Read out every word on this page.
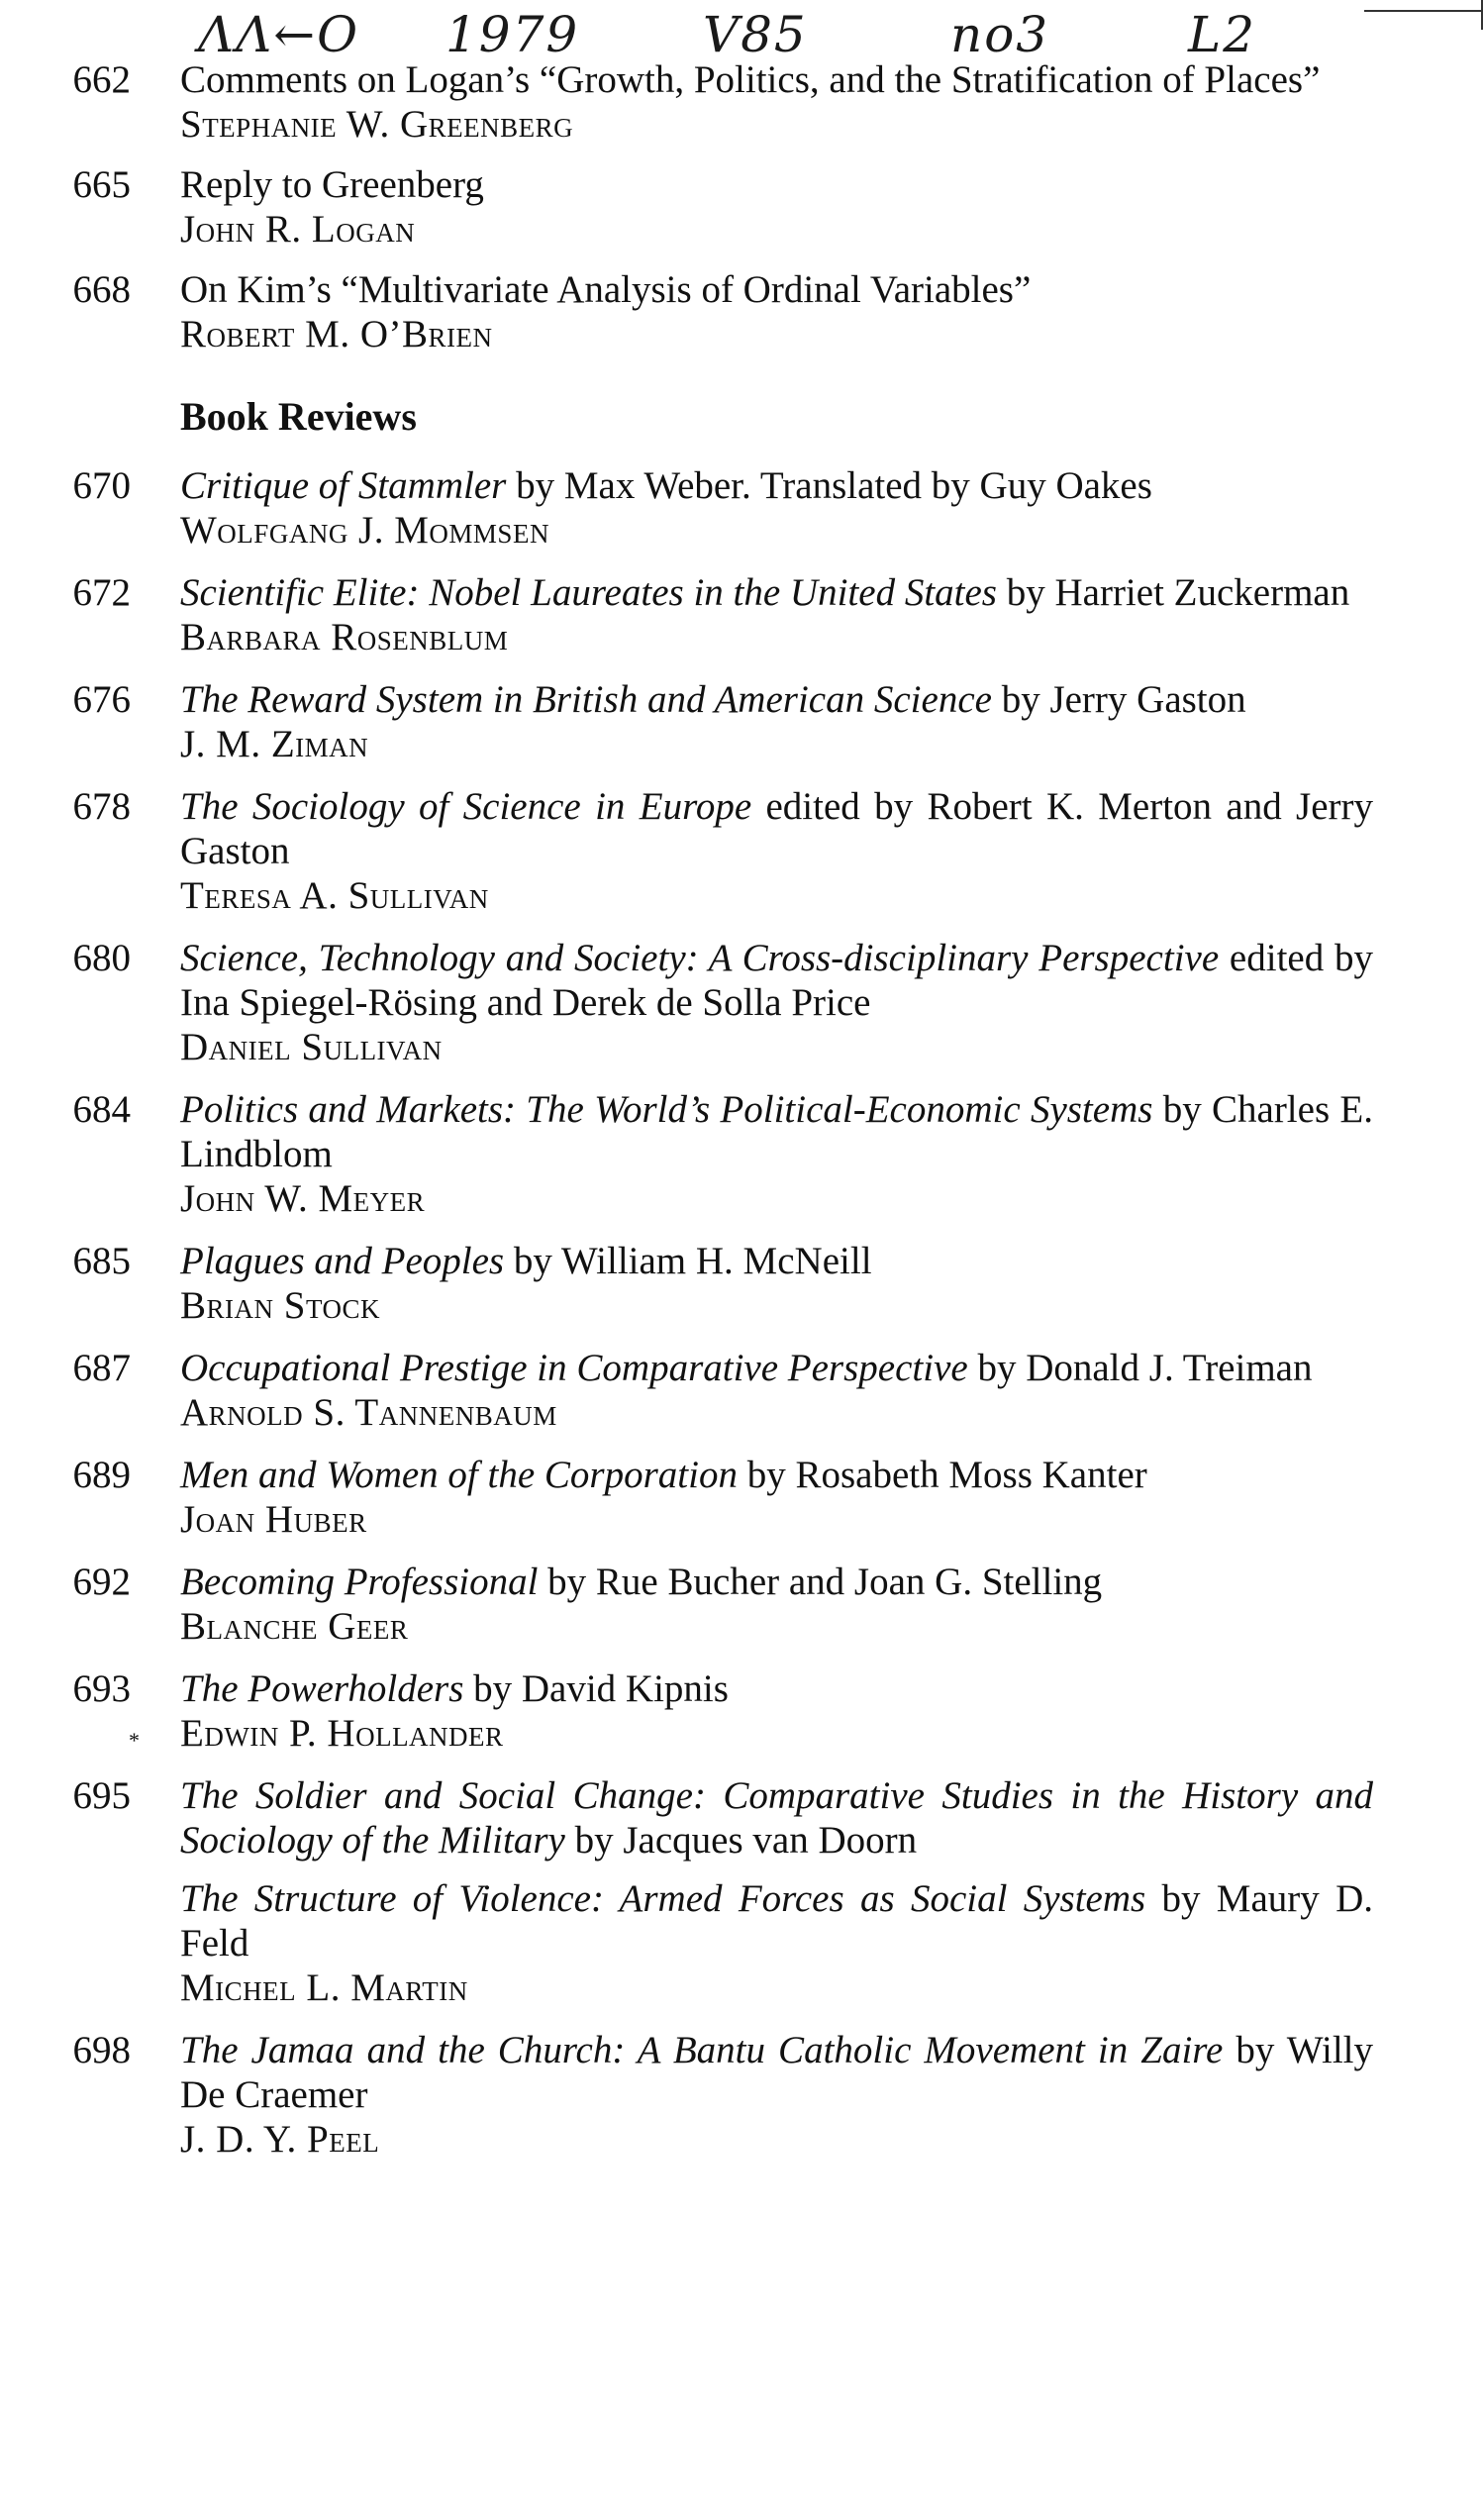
ΛΛ←O 1979 V85	no3	L2
662 Comments on Logan’s “Growth, Politics, and the Stratification of Places”
Stephanie W. Greenberg
665 Reply to Greenberg
John R. Logan
668 On Kim’s “Multivariate Analysis of Ordinal Variables”
Robert M. O’Brien
Book Reviews
670 Critique of Stammler by Max Weber. Translated by Guy Oakes
Wolfgang J. Mommsen
672 Scientific Elite: Nobel Laureates in the United States by Harriet Zuckerman
Barbara Rosenblum
676 The Reward System in British and American Science by Jerry Gaston
J. M. Ziman
678 The Sociology of Science in Europe edited by Robert K. Merton and Jerry Gaston
Teresa A. Sullivan
680 Science, Technology and Society: A Cross-disciplinary Perspective edited by Ina Spiegel-Rösing and Derek de Solla Price
Daniel Sullivan
684 Politics and Markets: The World’s Political-Economic Systems by Charles E. Lindblom
John W. Meyer
685 Plagues and Peoples by William H. McNeill
Brian Stock
687 Occupational Prestige in Comparative Perspective by Donald J. Treiman
Arnold S. Tannenbaum
689 Men and Women of the Corporation by Rosabeth Moss Kanter
Joan Huber
692 Becoming Professional by Rue Bucher and Joan G. Stelling
Blanche Geer
693 The Powerholders by David Kipnis
Edwin P. Hollander
*
695 The Soldier and Social Change: Comparative Studies in the History and Sociology of the Military by Jacques van Doorn
The Structure of Violence: Armed Forces as Social Systems by Maury D. Feld
Michel L. Martin
698 The Jamaa and the Church: A Bantu Catholic Movement in Zaire by Willy De Craemer
J. D. Y. Peel
